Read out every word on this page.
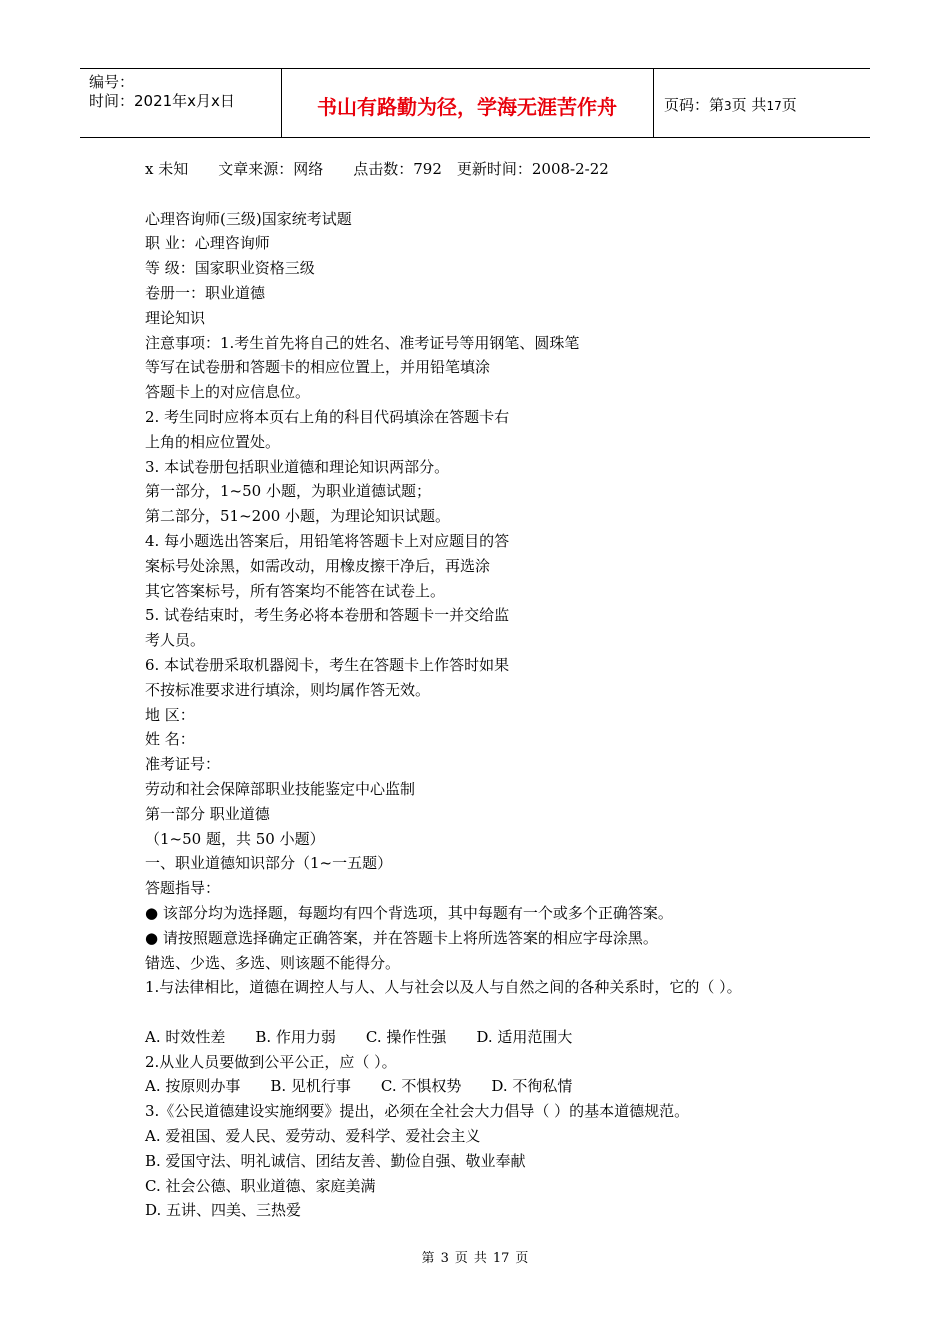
编号：
时间：2021年x月x日	书山有路勤为径，学海无涯苦作舟	页码：第3页 共17页
x 未知　　文章来源：网络　　点击数：792　更新时间：2008-2-22
心理咨询师(三级)国家统考试题
职 业：心理咨询师
等 级：国家职业资格三级
卷册一：职业道德
理论知识
注意事项：1.考生首先将自己的姓名、准考证号等用钢笔、圆珠笔
等写在试卷册和答题卡的相应位置上，并用铅笔填涂
答题卡上的对应信息位。
2. 考生同时应将本页右上角的科目代码填涂在答题卡右
上角的相应位置处。
3. 本试卷册包括职业道德和理论知识两部分。
第一部分，1~50 小题，为职业道德试题；
第二部分，51~200 小题，为理论知识试题。
4. 每小题选出答案后，用铅笔将答题卡上对应题目的答
案标号处涂黑，如需改动，用橡皮擦干净后，再选涂
其它答案标号，所有答案均不能答在试卷上。
5. 试卷结束时，考生务必将本卷册和答题卡一并交给监
考人员。
6. 本试卷册采取机器阅卡，考生在答题卡上作答时如果
不按标准要求进行填涂，则均属作答无效。
地 区：
姓 名：
准考证号：
劳动和社会保障部职业技能鉴定中心监制
第一部分 职业道德
（1~50 题，共 50 小题）
一、职业道德知识部分（1~一五题）
答题指导：
● 该部分均为选择题，每题均有四个背选项，其中每题有一个或多个正确答案。
● 请按照题意选择确定正确答案，并在答题卡上将所选答案的相应字母涂黑。
错选、少选、多选、则该题不能得分。
1.与法律相比，道德在调控人与人、人与社会以及人与自然之间的各种关系时，它的（ ）。
A. 时效性差　　B. 作用力弱　　C. 操作性强　　D. 适用范围大
2.从业人员要做到公平公正，应（ ）。
A. 按原则办事　　B. 见机行事　　C. 不惧权势　　D. 不徇私情
3.《公民道德建设实施纲要》提出，必须在全社会大力倡导（ ）的基本道德规范。
A. 爱祖国、爱人民、爱劳动、爱科学、爱社会主义
B. 爱国守法、明礼诚信、团结友善、勤俭自强、敬业奉献
C. 社会公德、职业道德、家庭美满
D. 五讲、四美、三热爱
第 3 页 共 17 页
